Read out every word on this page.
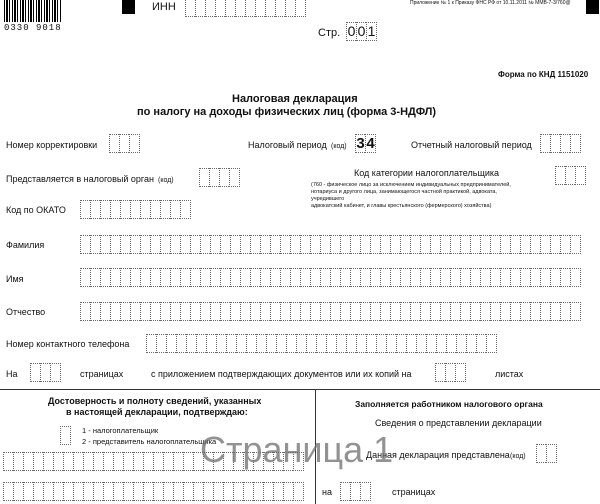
0330 9018
ИНН	Приложение № 1 к Приказу ФНС РФ от 10.11.2011 № ММВ-7-3/760@
Стр. 0 0 1
Форма по КНД 1151020
Налоговая декларация
по налогу на доходы физических лиц (форма 3-НДФЛ)
Номер корректировки	Налоговый период (код) 3 4	Отчетный налоговый период
Представляется в налоговый орган (код)
Код категории налогоплательщика
(760 - физическое лицо за исключением индивидуальных предпринимателей,
нотариуса и другого лица, занимающегося частной практикой, адвоката,
учредившего
адвокатский кабинет, и главы крестьянского (фермерского) хозяйства)
Код по ОКАТО
Фамилия
Имя
Отчество
Номер контактного телефона
На	страницах	с приложением подтверждающих документов или их копий на	листах
Достоверность и полноту сведений, указанных
в настоящей декларации, подтверждаю:
1 - налогоплательщик
2 - представитель налогоплательщика
Заполняется работником налогового органа
Сведения о представлении декларации
Данная декларация представлена (код)
на	страницах
Страница 1
